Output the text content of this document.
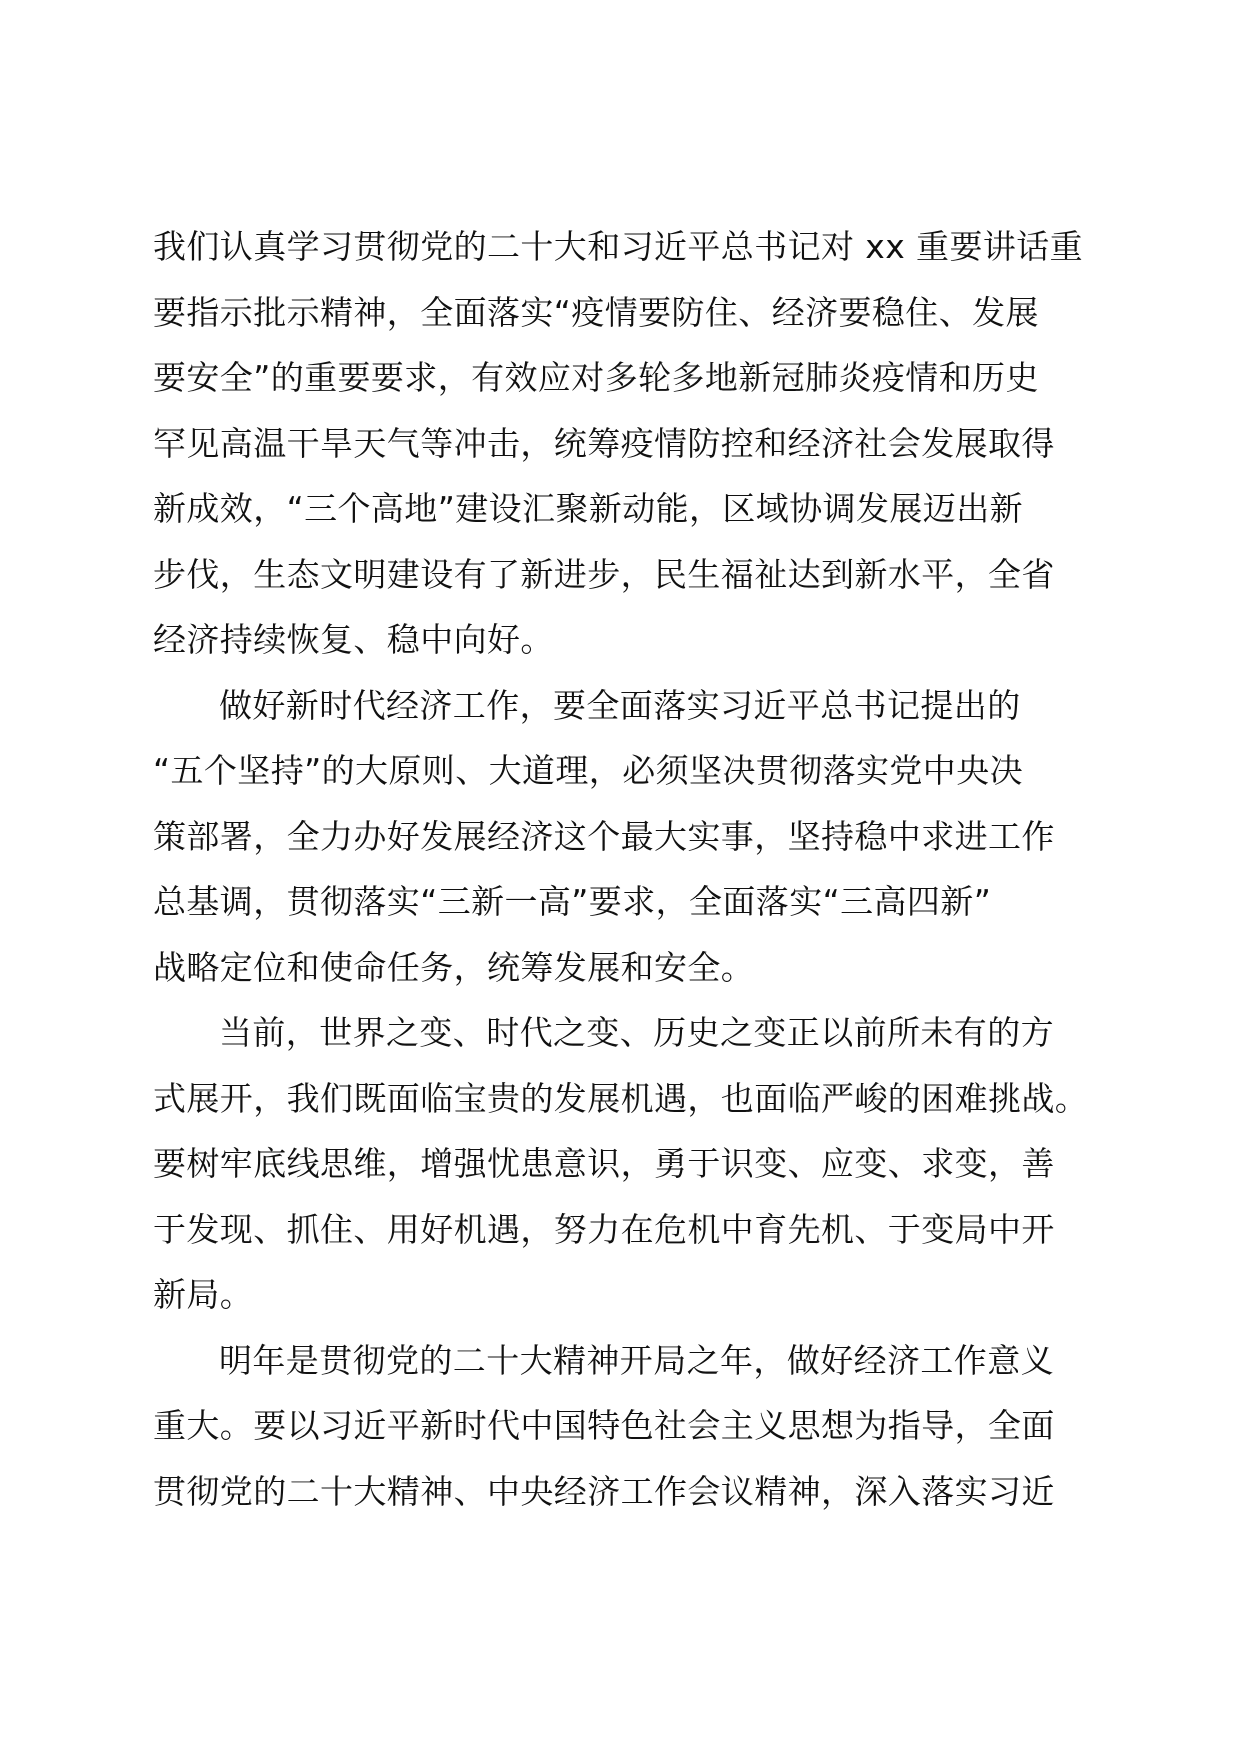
我们认真学习贯彻党的二十大和习近平总书记对 xx 重要讲话重
要指示批示精神，全面落实“疫情要防住、经济要稳住、发展
要安全”的重要要求，有效应对多轮多地新冠肺炎疫情和历史
罕见高温干旱天气等冲击，统筹疫情防控和经济社会发展取得
新成效，“三个高地”建设汇聚新动能，区域协调发展迈出新
步伐，生态文明建设有了新进步，民生福祉达到新水平，全省
经济持续恢复、稳中向好。
做好新时代经济工作，要全面落实习近平总书记提出的
“五个坚持”的大原则、大道理，必须坚决贯彻落实党中央决
策部署，全力办好发展经济这个最大实事，坚持稳中求进工作
总基调，贯彻落实“三新一高”要求，全面落实“三高四新”
战略定位和使命任务，统筹发展和安全。
当前，世界之变、时代之变、历史之变正以前所未有的方
式展开，我们既面临宝贵的发展机遇，也面临严峻的困难挑战。
要树牢底线思维，增强忧患意识，勇于识变、应变、求变，善
于发现、抓住、用好机遇，努力在危机中育先机、于变局中开
新局。
明年是贯彻党的二十大精神开局之年，做好经济工作意义
重大。要以习近平新时代中国特色社会主义思想为指导，全面
贯彻党的二十大精神、中央经济工作会议精神，深入落实习近
